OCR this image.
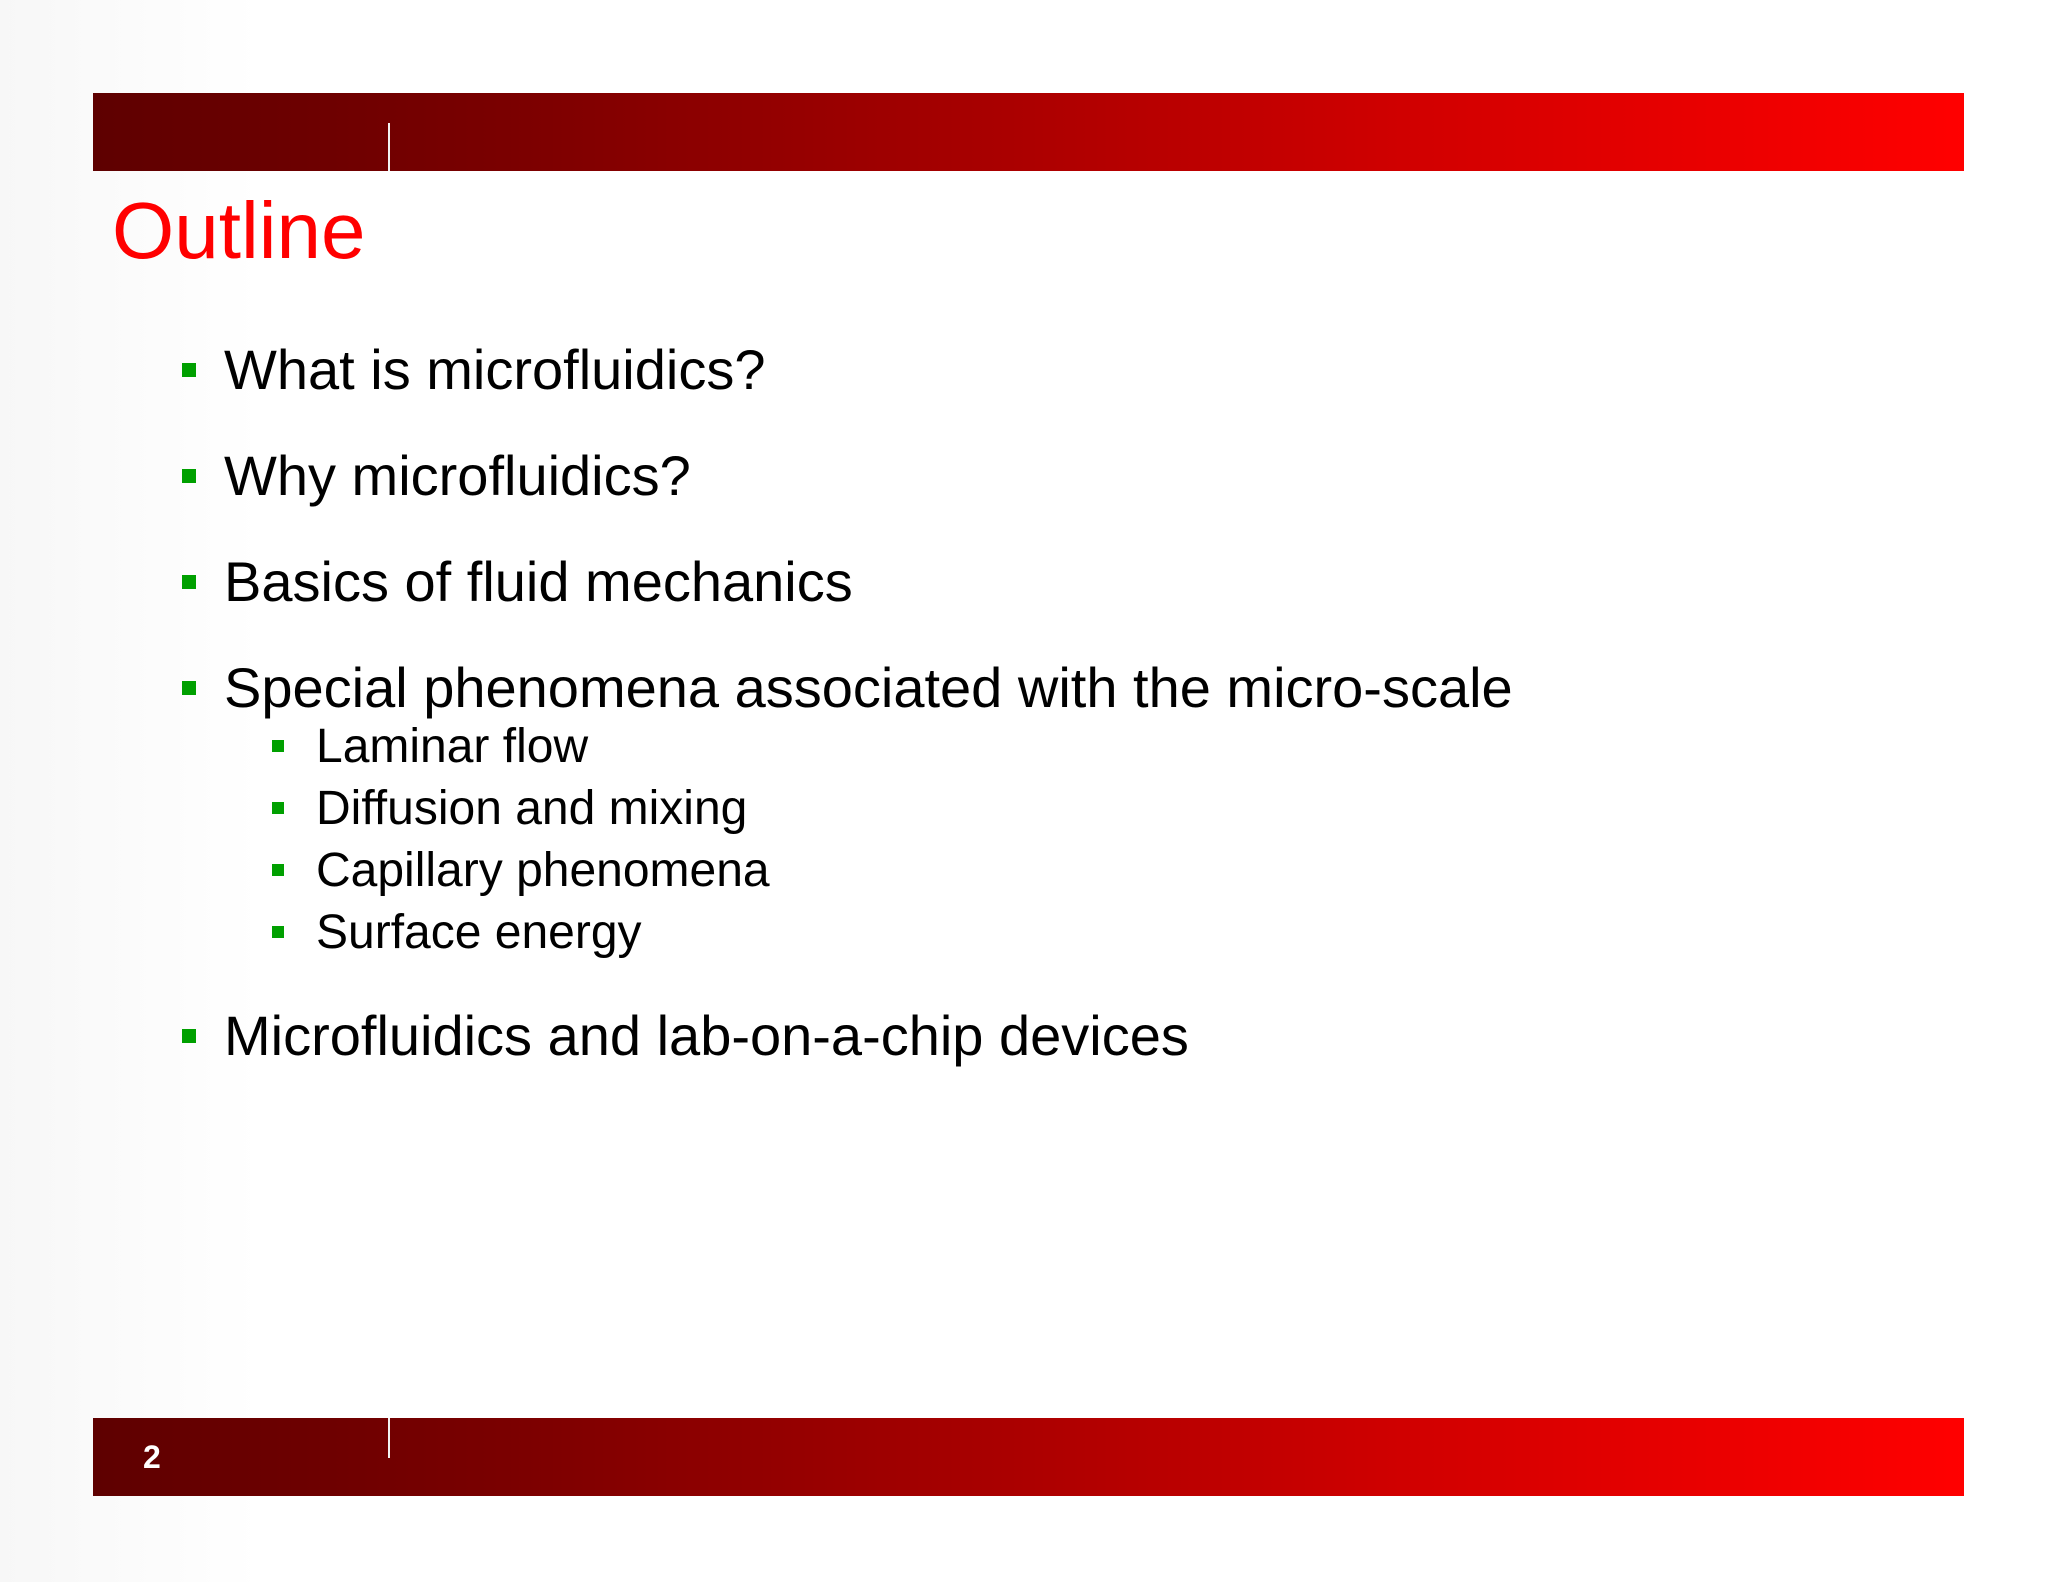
Outline
What is microfluidics?
Why microfluidics?
Basics of fluid mechanics
Special phenomena associated with the micro-scale
Laminar flow
Diffusion and mixing
Capillary phenomena
Surface energy
Microfluidics and lab-on-a-chip devices
2
